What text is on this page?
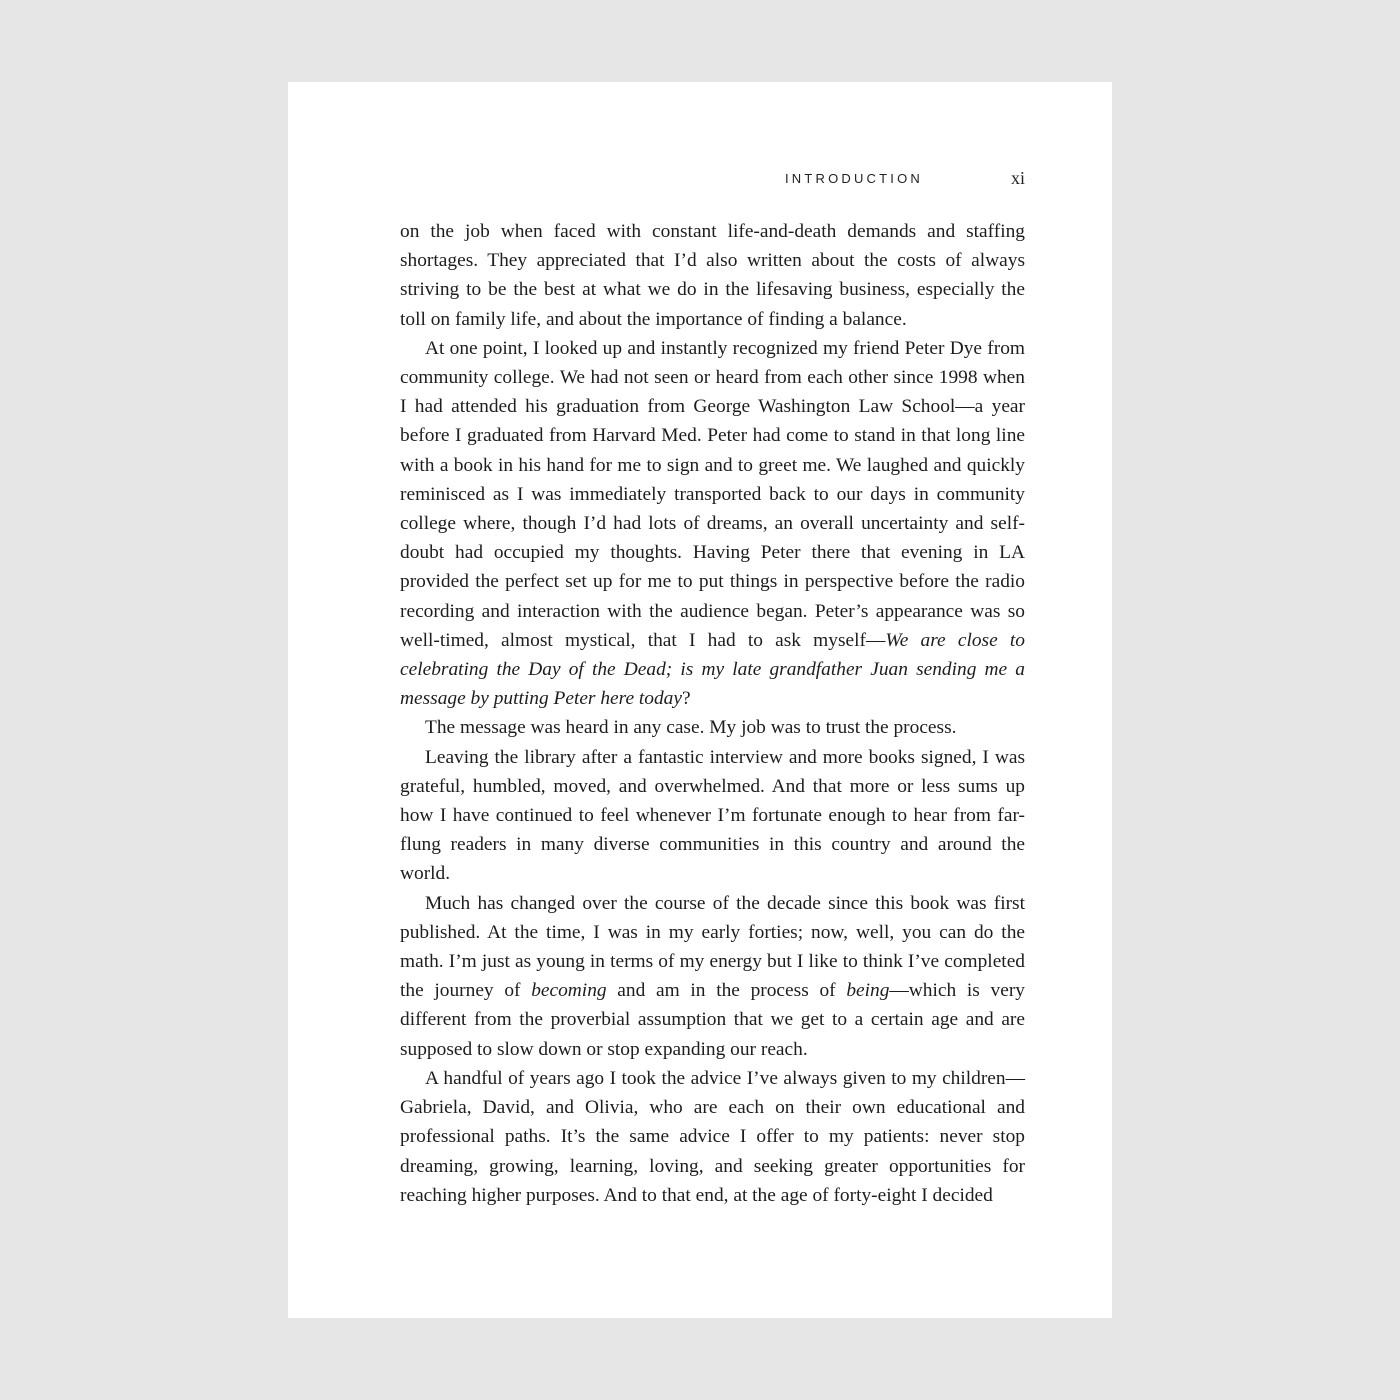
INTRODUCTION	xi

on the job when faced with constant life-and-death demands and staffing shortages. They appreciated that I’d also written about the costs of always striving to be the best at what we do in the lifesaving business, especially the toll on family life, and about the importance of finding a balance.

At one point, I looked up and instantly recognized my friend Peter Dye from community college. We had not seen or heard from each other since 1998 when I had attended his graduation from George Washington Law School—a year before I graduated from Harvard Med. Peter had come to stand in that long line with a book in his hand for me to sign and to greet me. We laughed and quickly reminisced as I was immediately transported back to our days in community college where, though I’d had lots of dreams, an overall uncertainty and self-doubt had occupied my thoughts. Having Peter there that evening in LA provided the perfect set up for me to put things in perspective before the radio recording and interaction with the audience began. Peter’s appearance was so well-timed, almost mystical, that I had to ask myself—We are close to celebrating the Day of the Dead; is my late grandfather Juan sending me a message by putting Peter here today?

The message was heard in any case. My job was to trust the process.

Leaving the library after a fantastic interview and more books signed, I was grateful, humbled, moved, and overwhelmed. And that more or less sums up how I have continued to feel whenever I’m fortunate enough to hear from far-flung readers in many diverse communities in this country and around the world.

Much has changed over the course of the decade since this book was first published. At the time, I was in my early forties; now, well, you can do the math. I’m just as young in terms of my energy but I like to think I’ve completed the journey of becoming and am in the process of being—which is very different from the proverbial assumption that we get to a certain age and are supposed to slow down or stop expanding our reach.

A handful of years ago I took the advice I’ve always given to my children—Gabriela, David, and Olivia, who are each on their own educational and professional paths. It’s the same advice I offer to my patients: never stop dreaming, growing, learning, loving, and seeking greater opportunities for reaching higher purposes. And to that end, at the age of forty-eight I decided
